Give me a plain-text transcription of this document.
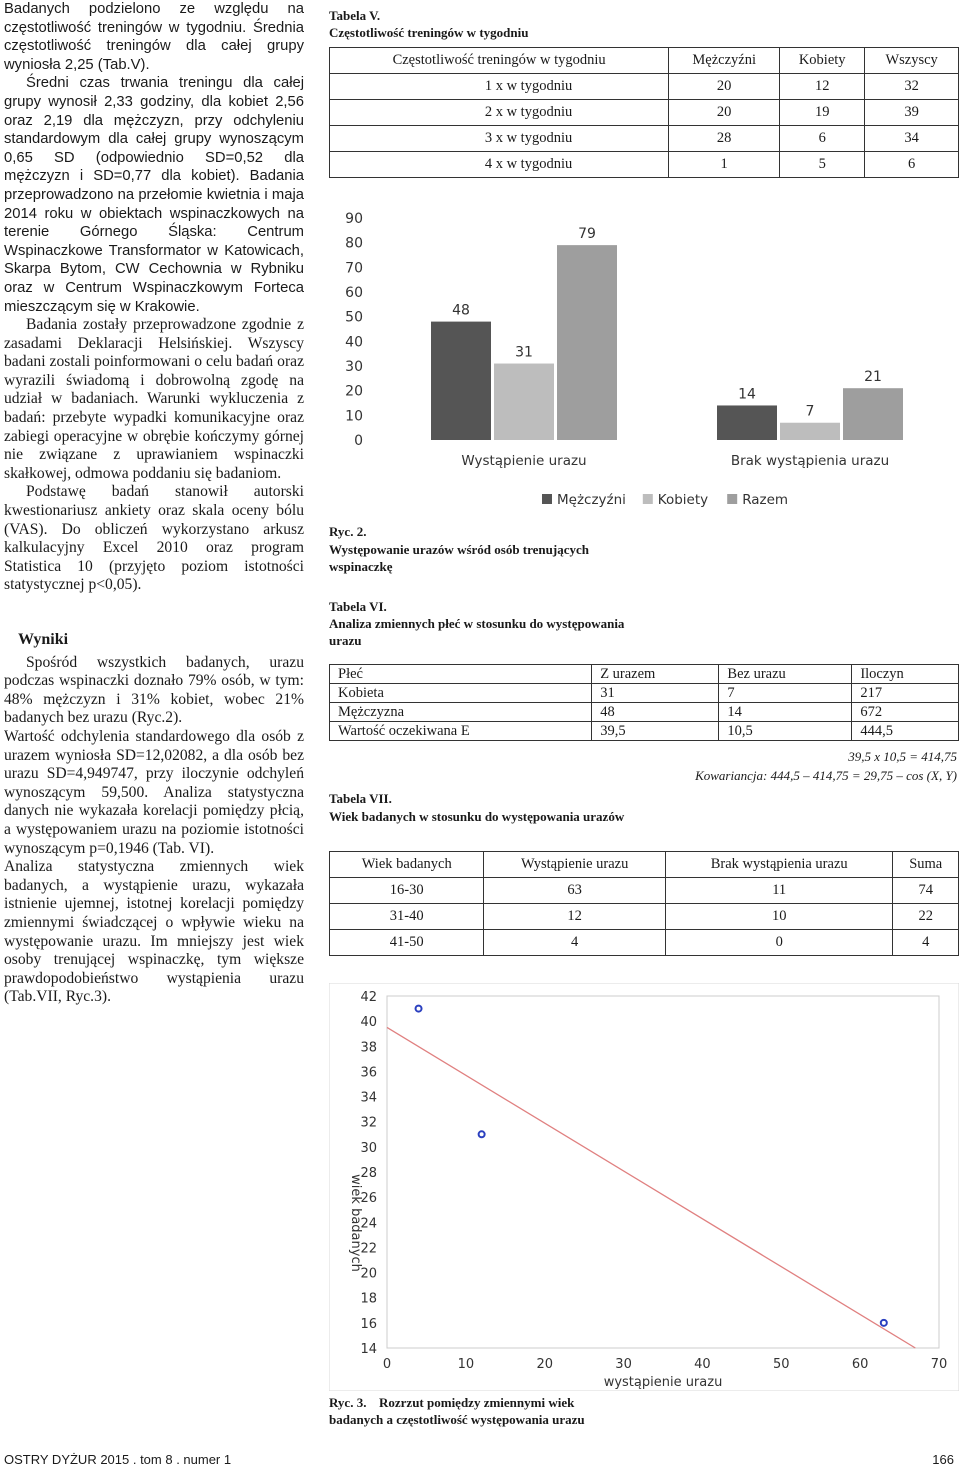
Badanych podzielono ze względu na częstotliwość treningów w tygodniu. Średnia częstotliwość treningów dla całej grupy wyniosła 2,25 (Tab.V).

Średni czas trwania treningu dla całej grupy wynosił 2,33 godziny, dla kobiet 2,56 oraz 2,19 dla mężczyzn, przy odchyleniu standardowym dla całej grupy wynoszącym 0,65 SD (odpowiednio SD=0,52 dla mężczyzn i SD=0,77 dla kobiet). Badania przeprowadzono na przełomie kwietnia i maja 2014 roku w obiektach wspinaczkowych na terenie Górnego Śląska: Centrum Wspinaczkowe Transformator w Katowicach, Skarpa Bytom, CW Cechownia w Rybniku oraz w Centrum Wspinaczkowym Forteca mieszczącym się w Krakowie.

Badania zostały przeprowadzone zgodnie z zasadami Deklaracji Helsińskiej. Wszyscy badani zostali poinformowani o celu badań oraz wyrazili świadomą i dobrowolną zgodę na udział w badaniach. Warunki wykluczenia z badań: przebyte wypadki komunikacyjne oraz zabiegi operacyjne w obrębie kończymy górnej nie związane z uprawianiem wspinaczki skałkowej, odmowa poddaniu się badaniom.

Podstawę badań stanowił autorski kwestionariusz ankiety oraz skala oceny bólu (VAS). Do obliczeń wykorzystano arkusz kalkulacyjny Excel 2010 oraz program Statistica 10 (przyjęto poziom istotności statystycznej p<0,05).

Wyniki

Spośród wszystkich badanych, urazu podczas wspinaczki doznało 79% osób, w tym: 48% mężczyzn i 31% kobiet, wobec 21% badanych bez urazu (Ryc.2).

Wartość odchylenia standardowego dla osób z urazem wyniosła SD=12,02082, a dla osób bez urazu SD=4,949747, przy iloczynie odchyleń wynoszącym 59,500. Analiza statystyczna danych nie wykazała korelacji pomiędzy płcią, a występowaniem urazu na poziomie istotności wynoszącym p=0,1946 (Tab. VI).

Analiza statystyczna zmiennych wiek badanych, a wystąpienie urazu, wykazała istnienie ujemnej, istotnej korelacji pomiędzy zmiennymi świadczącej o wpływie wieku na występowanie urazu. Im mniejszy jest wiek osoby trenującej wspinaczkę, tym większe prawdopodobieństwo wystąpienia urazu (Tab.VII, Ryc.3).

Tabela V.
Częstotliwość treningów w tygodniu
Częstotliwość treningów w tygodniu	Mężczyźni	Kobiety	Wszyscy
1 x w tygodniu	20	12	32
2 x w tygodniu	20	19	39
3 x w tygodniu	28	6	34
4 x w tygodniu	1	5	6
0
10
20
30
40
50
60
70
80
90
48
31
79
Wystąpienie urazu
14
7
21
Brak wystąpienia urazu
Mężczyźni Kobiety	Razem
Ryc. 2.
Występowanie urazów wśród osób trenujących wspinaczkę
Tabela VI.
Analiza zmiennych płeć w stosunku do występowania urazu
Płeć	Z urazem	Bez urazu	Iloczyn
Kobieta	31	7	217
Mężczyzna	48	14	672
Wartość oczekiwana E	39,5	10,5	444,5
39,5 x 10,5 = 414,75
Kowariancja: 444,5 – 414,75 = 29,75 – cos (X, Y)
Tabela VII.
Wiek badanych w stosunku do występowania urazów
Wiek badanych	Wystąpienie urazu	Brak wystąpienia urazu	Suma
16-30	63	11	74
31-40	12	10	22
41-50	4	0	4
14
16
18
20
22
24
26
28
30
32
34
36
38
40
42
0	10	20	30	40	50	60	70
wystąpienie urazu
wiek badanych
Ryc. 3. Rozrzut pomiędzy zmiennymi wiek badanych a częstotliwość występowania urazu
OSTRY DYŻUR 2015 . tom 8 . numer 1	166
